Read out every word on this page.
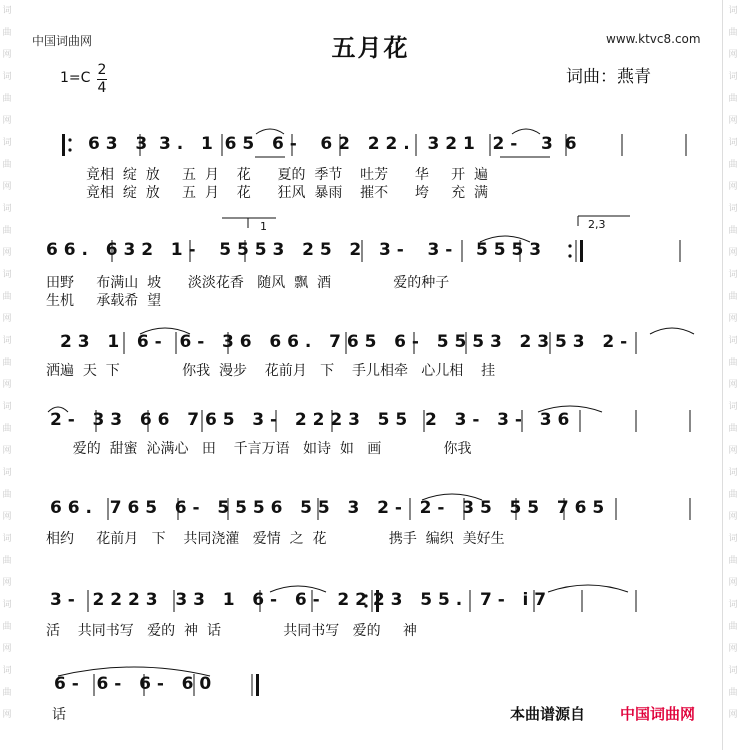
中国词曲网	www.ktvc8.com
五月花
1=C 2
4
词曲：燕青
词
曲
网
词
曲
网
词
曲
网
词
曲
网
词
曲
网
词
曲
网
词
曲
网
词
曲
网
词
曲
网
词
曲
网
词
曲
网
词
曲
网
词
曲
网
词
曲
网
词
曲
网
词
曲
网
词
曲
网
词
曲
网
词
曲
网
词
曲
网
词
曲
网
词
曲
网
6 3   3  3 .   1  6 5   6 -    6 2   2 2 .   3 2 1   2 -    3  6
竟相  绽  放     五  月    花      夏的  季节    吐芳      华     开  遍
竟相  绽  放     五  月    花      狂风  暴雨    摧不      垮     充  满
1	2,3
6 6 .   6 3 2   1 -    5 5 5 3   2 5   2   3 -    3 -    5 5 5 3
田野     布满山  坡      淡淡花香   随风  飘  酒              爱的种子
生机     承载希  望
2 3   1   6 -   6 -   3 6   6 6 .   7 6 5   6 -   5 5 5 3   2 3 5 3   2 -
洒遍  天  下              你我  漫步    花前月   下    手儿相牵   心儿相    挂
2 -   3 3   6 6   7 6 5   3 -   2 2 2 3   5 5   2   3 -   3 -   3 6
爱的  甜蜜  沁满心   田    千言万语   如诗  如   画              你我
6 6 .   7 6 5   6 -   5 5 5 6   5 5   3   2 -   2 -   3 5   5 5   7 6 5
相约     花前月   下    共同浇灌   爱情  之  花              携手  编织  美好生
3 -   2 2 2 3   3 3   1   6 -   6 -   2 2 2 3   5 5 .   7 -   i 7
活    共同书写   爱的  神  话              共同书写   爱的     神
6 -   6 -   6 -   6 0
话	本曲谱源自 中国词曲网
